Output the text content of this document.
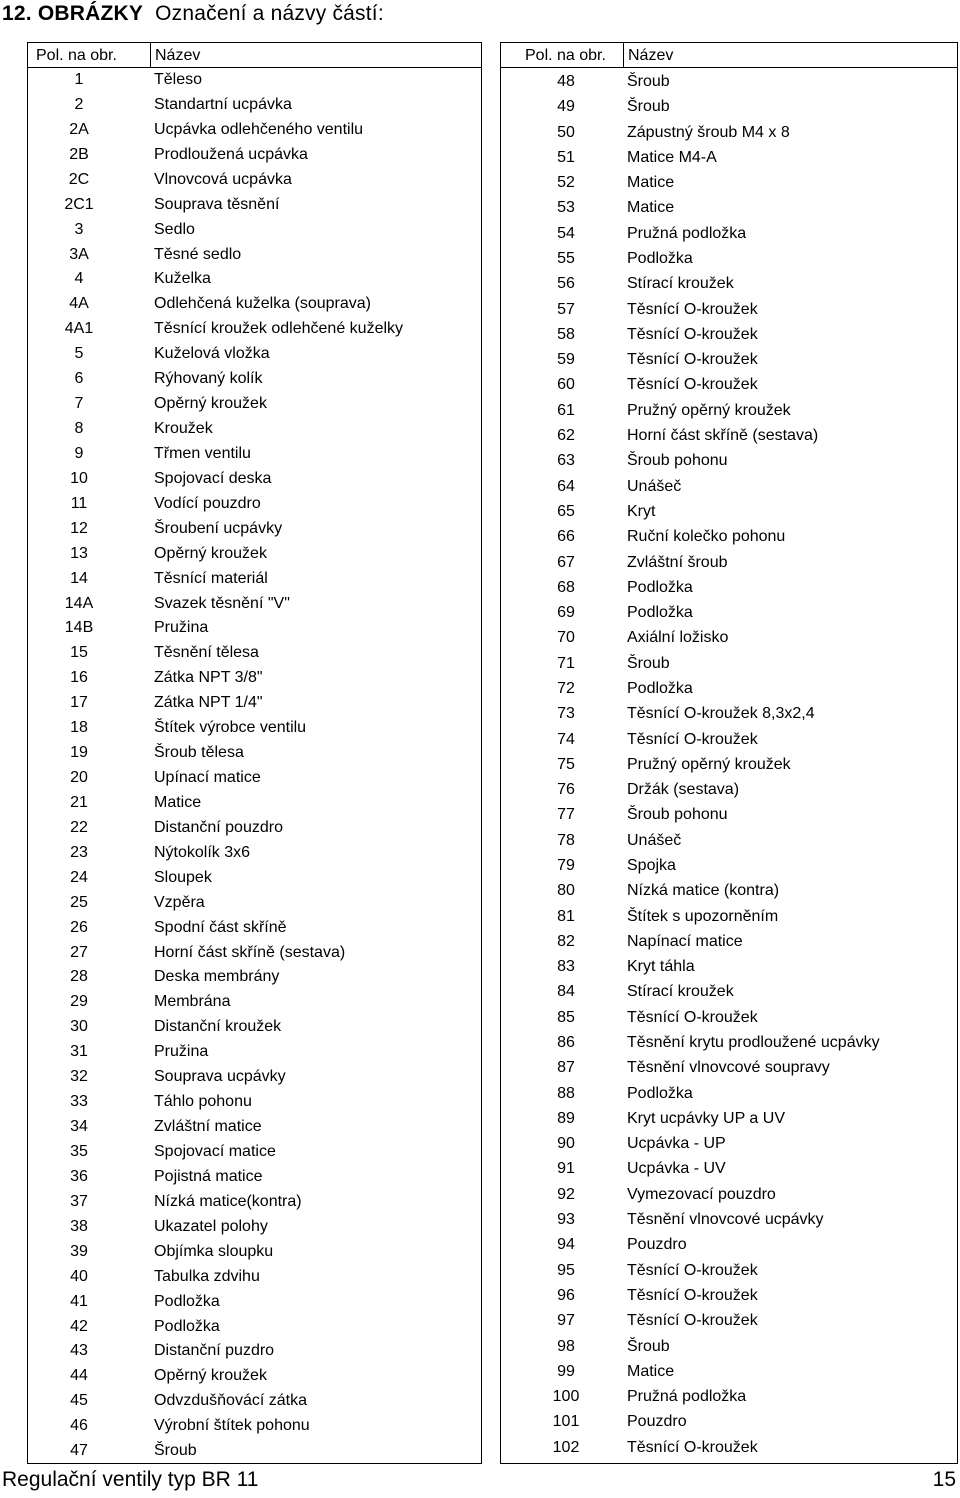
12. OBRÁZKY Označení a názvy částí:
Pol. na obr. Název
1	Těleso
2	Standartní ucpávka
2A	Ucpávka odlehčeného ventilu
2B	Prodloužená ucpávka
2C	Vlnovcová ucpávka
2C1	Souprava těsnění
3	Sedlo
3A	Těsné sedlo
4	Kuželka
4A	Odlehčená kuželka (souprava)
4A1	Těsnící kroužek odlehčené kuželky
5	Kuželová vložka
6	Rýhovaný kolík
7	Opěrný kroužek
8	Kroužek
9	Třmen ventilu
10	Spojovací deska
11	Vodící pouzdro
12	Šroubení ucpávky
13	Opěrný kroužek
14	Těsnící materiál
14A	Svazek těsnění "V"
14B	Pružina
15	Těsnění tělesa
16	Zátka NPT 3/8"
17	Zátka NPT 1/4"
18	Štítek výrobce ventilu
19	Šroub tělesa
20	Upínací matice
21	Matice
22	Distanční pouzdro
23	Nýtokolík 3x6
24	Sloupek
25	Vzpěra
26	Spodní část skříně
27	Horní část skříně (sestava)
28	Deska membrány
29	Membrána
30	Distanční kroužek
31	Pružina
32	Souprava ucpávky
33	Táhlo pohonu
34	Zvláštní matice
35	Spojovací matice
36	Pojistná matice
37	Nízká matice(kontra)
38	Ukazatel polohy
39	Objímka sloupku
40	Tabulka zdvihu
41	Podložka
42	Podložka
43	Distanční puzdro
44	Opěrný kroužek
45	Odvzdušňovácí zátka
46	Výrobní štítek pohonu
47	Šroub
Pol. na obr. Název
48	Šroub
49	Šroub
50	Zápustný šroub M4 x 8
51	Matice M4-A
52	Matice
53	Matice
54	Pružná podložka
55	Podložka
56	Stírací kroužek
57	Těsnící O-kroužek
58	Těsnící O-kroužek
59	Těsnící O-kroužek
60	Těsnící O-kroužek
61	Pružný opěrný kroužek
62	Horní část skříně (sestava)
63	Šroub pohonu
64	Unášeč
65	Kryt
66	Ruční kolečko pohonu
67	Zvláštní šroub
68	Podložka
69	Podložka
70	Axiální ložisko
71	Šroub
72	Podložka
73	Těsnící O-kroužek 8,3x2,4
74	Těsnící O-kroužek
75	Pružný opěrný kroužek
76	Držák (sestava)
77	Šroub pohonu
78	Unášeč
79	Spojka
80	Nízká matice (kontra)
81	Štítek s upozorněním
82	Napínací matice
83	Kryt táhla
84	Stírací kroužek
85	Těsnící O-kroužek
86	Těsnění krytu prodloužené ucpávky
87	Těsnění vlnovcové soupravy
88	Podložka
89	Kryt ucpávky UP a UV
90	Ucpávka - UP
91	Ucpávka - UV
92	Vymezovací pouzdro
93	Těsnění vlnovcové ucpávky
94	Pouzdro
95	Těsnící O-kroužek
96	Těsnící O-kroužek
97	Těsnící O-kroužek
98	Šroub
99	Matice
100	Pružná podložka
101	Pouzdro
102	Těsnící O-kroužek
Regulační ventily typ BR 11	15
